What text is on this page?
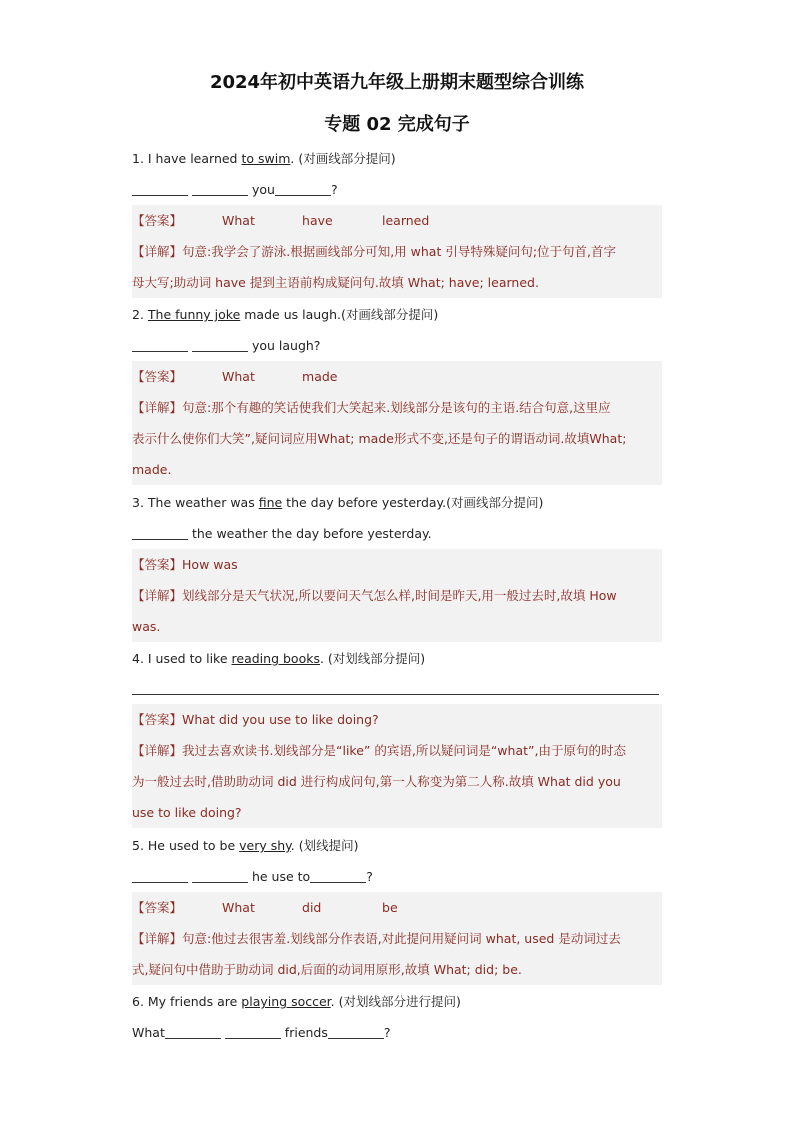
2024年初中英语九年级上册期末题型综合训练
专题 02 完成句子
1. I have learned to swim. (对画线部分提问)
you	?
【答案】	What	have	learned
【详解】句意:我学会了游泳.根据画线部分可知,用 what 引导特殊疑问句;位于句首,首字
母大写;助动词 have 提到主语前构成疑问句.故填 What; have; learned.
2. The funny joke made us laugh.(对画线部分提问)
you laugh?
【答案】	What	made
【详解】句意:那个有趣的笑话使我们大笑起来.划线部分是该句的主语.结合句意,这里应
表示什么使你们大笑”,疑问词应用What; made形式不变,还是句子的谓语动词.故填What;
made.
3. The weather was fine the day before yesterday.(对画线部分提问)
the weather the day before yesterday.
【答案】How was
【详解】划线部分是天气状况,所以要问天气怎么样,时间是昨天,用一般过去时,故填 How
was.
4. I used to like reading books. (对划线部分提问)
【答案】What did you use to like doing?
【详解】我过去喜欢读书.划线部分是“like” 的宾语,所以疑问词是“what”,由于原句的时态
为一般过去时,借助助动词 did 进行构成问句,第一人称变为第二人称.故填 What did you
use to like doing?
5. He used to be very shy. (划线提问)
he use to	?
【答案】	What	did	be
【详解】句意:他过去很害羞.划线部分作表语,对此提问用疑问词 what, used 是动词过去
式,疑问句中借助于助动词 did,后面的动词用原形,故填 What; did; be.
6. My friends are playing soccer. (对划线部分进行提问)
What	friends	?
